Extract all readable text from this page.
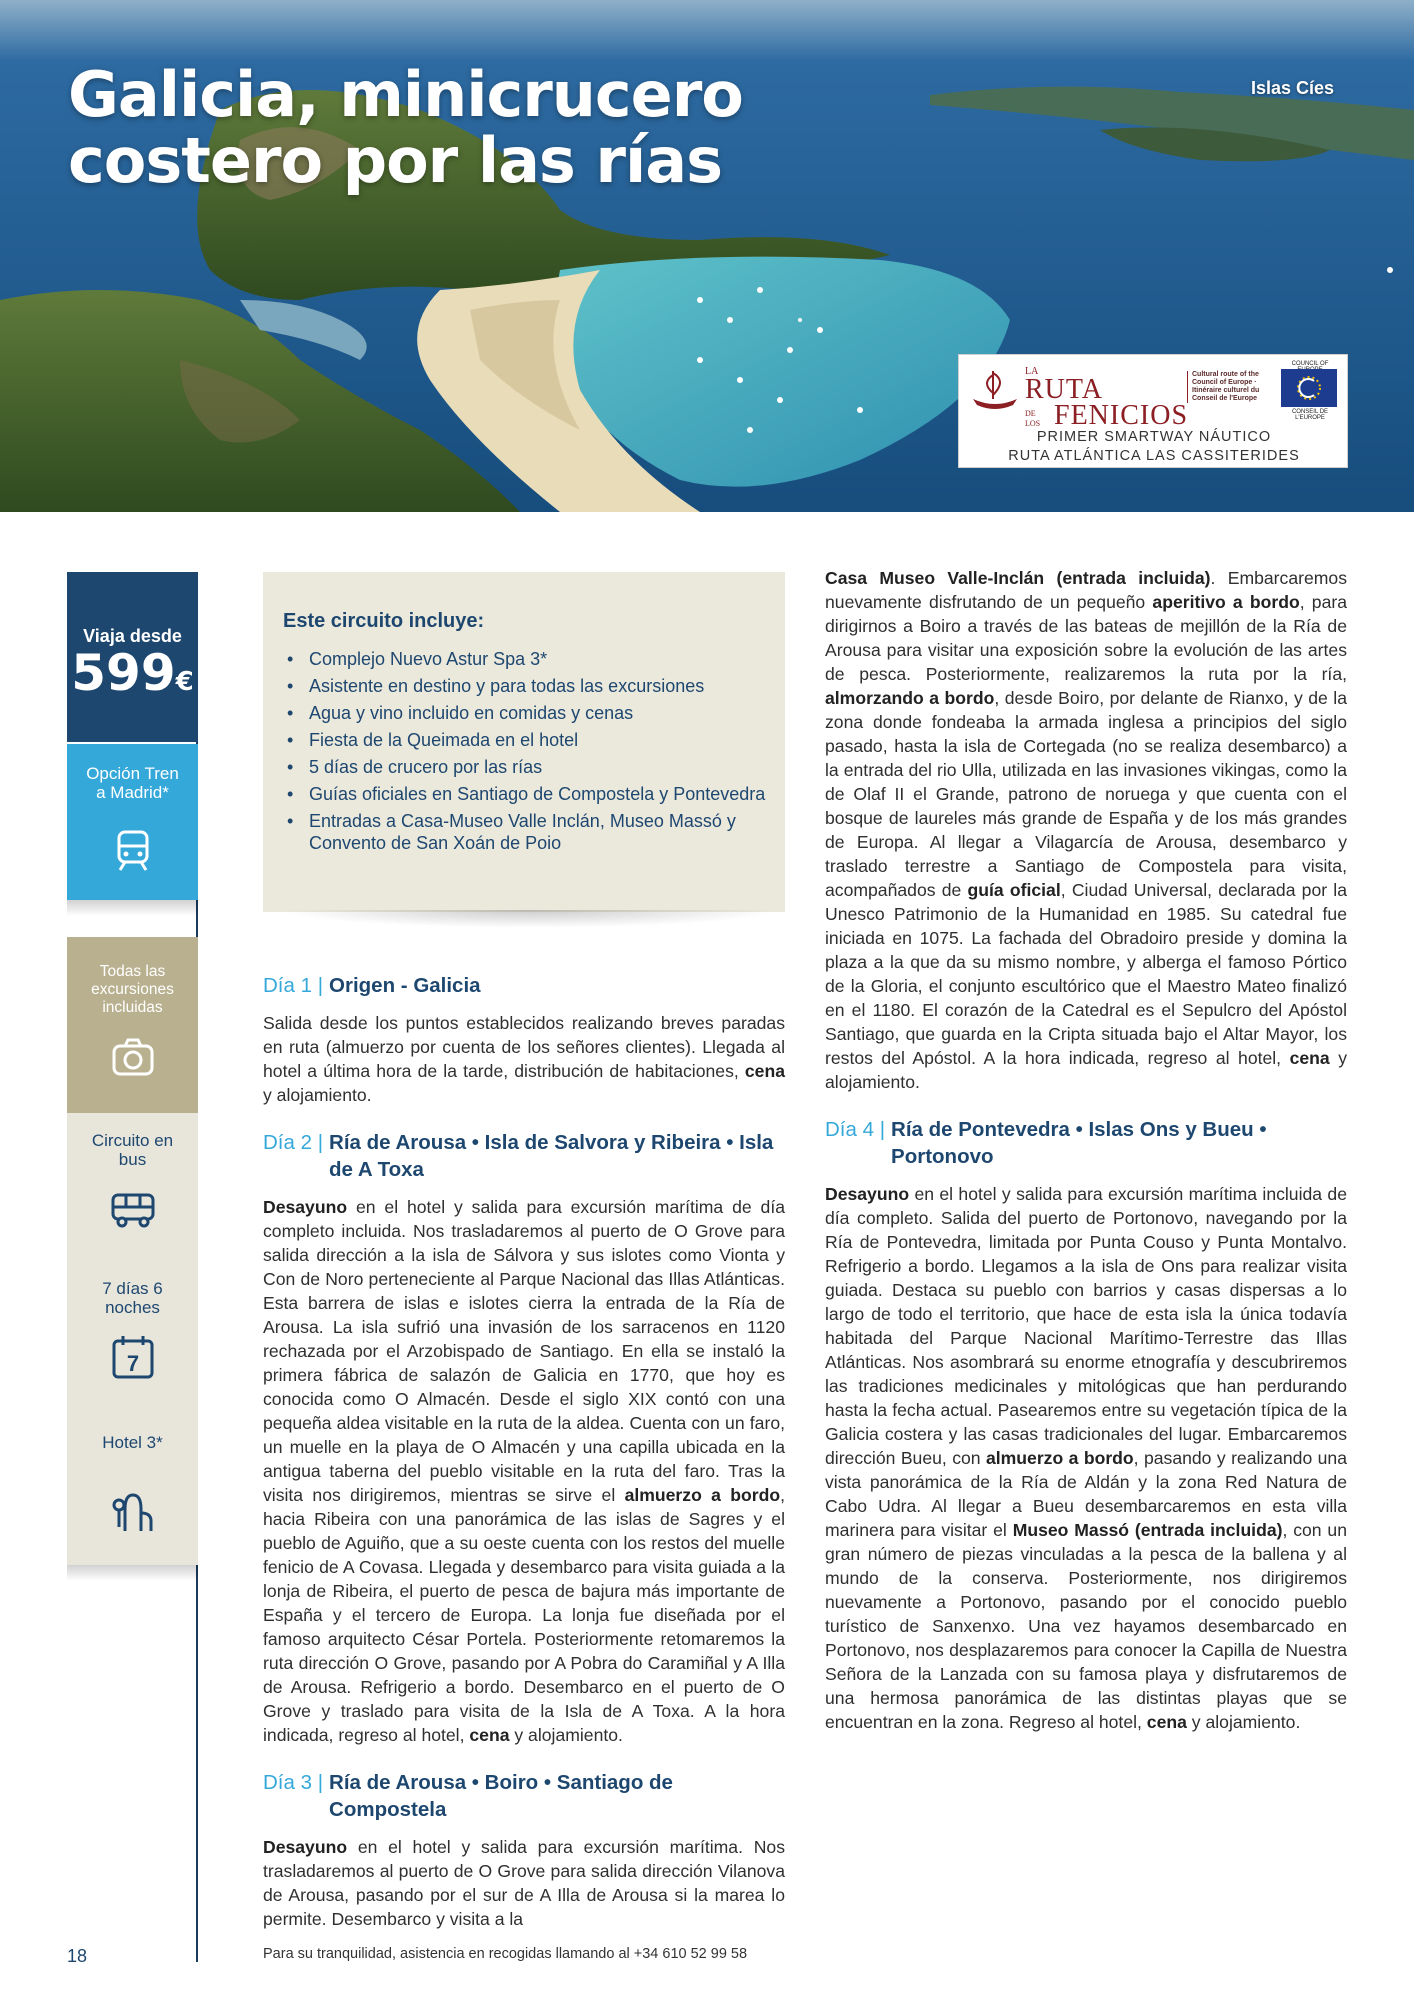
Galicia, minicrucero
costero por las rías
Islas Cíes
LA
RUTA
DE LOS FENICIOS
Cultural route of the Council of Europe · Itinéraire culturel du Conseil de l'Europe
COUNCIL OF
CONSEIL DE L'EUROPE
PRIMER SMARTWAY NÁUTICO
RUTA ATLÁNTICA LAS CASSITERIDES
Viaja desde
599€
Opción Tren a Madrid*
Todas las excursiones incluidas
Circuito en bus
7 días 6 noches
7
Hotel 3*
Este circuito incluye:
• Complejo Nuevo Astur Spa 3*
• Asistente en destino y para todas las excursiones
• Agua y vino incluido en comidas y cenas
• Fiesta de la Queimada en el hotel
• 5 días de crucero por las rías
• Guías oficiales en Santiago de Compostela y Pontevedra
• Entradas a Casa-Museo Valle Inclán, Museo Massó y Convento de San Xoán de Poio
Día 1 | Origen - Galicia

Salida desde los puntos establecidos realizando breves paradas en ruta (almuerzo por cuenta de los señores clientes). Llegada al hotel a última hora de la tarde, distribución de habitaciones, cena y alojamiento.

Día 2 | Ría de Arousa • Isla de Salvora y Ribeira • Isla de A Toxa

Desayuno en el hotel y salida para excursión marítima de día completo incluida. Nos trasladaremos al puerto de O Grove para salida dirección a la isla de Sálvora y sus islotes como Vionta y Con de Noro perteneciente al Parque Nacional das Illas Atlánticas. Esta barrera de islas e islotes cierra la entrada de la Ría de Arousa. La isla sufrió una invasión de los sarracenos en 1120 rechazada por el Arzobispado de Santiago. En ella se instaló la primera fábrica de salazón de Galicia en 1770, que hoy es conocida como O Almacén. Desde el siglo XIX contó con una pequeña aldea visitable en la ruta de la aldea. Cuenta con un faro, un muelle en la playa de O Almacén y una capilla ubicada en la antigua taberna del pueblo visitable en la ruta del faro. Tras la visita nos dirigiremos, mientras se sirve el almuerzo a bordo, hacia Ribeira con una panorámica de las islas de Sagres y el pueblo de Aguiño, que a su oeste cuenta con los restos del muelle fenicio de A Covasa. Llegada y desembarco para visita guiada a la lonja de Ribeira, el puerto de pesca de bajura más importante de España y el tercero de Europa. La lonja fue diseñada por el famoso arquitecto César Portela. Posteriormente retomaremos la ruta dirección O Grove, pasando por A Pobra do Caramiñal y A Illa de Arousa. Refrigerio a bordo. Desembarco en el puerto de O Grove y traslado para visita de la Isla de A Toxa. A la hora indicada, regreso al hotel, cena y alojamiento.

Día 3 | Ría de Arousa • Boiro • Santiago de Compostela

Desayuno en el hotel y salida para excursión marítima. Nos trasladaremos al puerto de O Grove para salida dirección Vilanova de Arousa, pasando por el sur de A Illa de Arousa si la marea lo permite. Desembarco y visita a la

Casa Museo Valle-Inclán (entrada incluida). Embarcaremos nuevamente disfrutando de un pequeño aperitivo a bordo, para dirigirnos a Boiro a través de las bateas de mejillón de la Ría de Arousa para visitar una exposición sobre la evolución de las artes de pesca. Posteriormente, realizaremos la ruta por la ría, almorzando a bordo, desde Boiro, por delante de Rianxo, y de la zona donde fondeaba la armada inglesa a principios del siglo pasado, hasta la isla de Cortegada (no se realiza desembarco) a la entrada del rio Ulla, utilizada en las invasiones vikingas, como la de Olaf II el Grande, patrono de noruega y que cuenta con el bosque de laureles más grande de España y de los más grandes de Europa. Al llegar a Vilagarcía de Arousa, desembarco y traslado terrestre a Santiago de Compostela para visita, acompañados de guía oficial, Ciudad Universal, declarada por la Unesco Patrimonio de la Humanidad en 1985. Su catedral fue iniciada en 1075. La fachada del Obradoiro preside y domina la plaza a la que da su mismo nombre, y alberga el famoso Pórtico de la Gloria, el conjunto escultórico que el Maestro Mateo finalizó en el 1180. El corazón de la Catedral es el Sepulcro del Apóstol Santiago, que guarda en la Cripta situada bajo el Altar Mayor, los restos del Apóstol. A la hora indicada, regreso al hotel, cena y alojamiento.

Día 4 | Ría de Pontevedra • Islas Ons y Bueu • Portonovo

Desayuno en el hotel y salida para excursión marítima incluida de día completo. Salida del puerto de Portonovo, navegando por la Ría de Pontevedra, limitada por Punta Couso y Punta Montalvo. Refrigerio a bordo. Llegamos a la isla de Ons para realizar visita guiada. Destaca su pueblo con barrios y casas dispersas a lo largo de todo el territorio, que hace de esta isla la única todavía habitada del Parque Nacional Marítimo-Terrestre das Illas Atlánticas. Nos asombrará su enorme etnografía y descubriremos las tradiciones medicinales y mitológicas que han perdurando hasta la fecha actual. Pasearemos entre su vegetación típica de la Galicia costera y las casas tradicionales del lugar. Embarcaremos dirección Bueu, con almuerzo a bordo, pasando y realizando una vista panorámica de la Ría de Aldán y la zona Red Natura de Cabo Udra. Al llegar a Bueu desembarcaremos en esta villa marinera para visitar el Museo Massó (entrada incluida), con un gran número de piezas vinculadas a la pesca de la ballena y al mundo de la conserva. Posteriormente, nos dirigiremos nuevamente a Portonovo, pasando por el conocido pueblo turístico de Sanxenxo. Una vez hayamos desembarcado en Portonovo, nos desplazaremos para conocer la Capilla de Nuestra Señora de la Lanzada con su famosa playa y disfrutaremos de una hermosa panorámica de las distintas playas que se encuentran en la zona. Regreso al hotel, cena y alojamiento.

18	Para su tranquilidad, asistencia en recogidas llamando al +34 610 52 99 58
